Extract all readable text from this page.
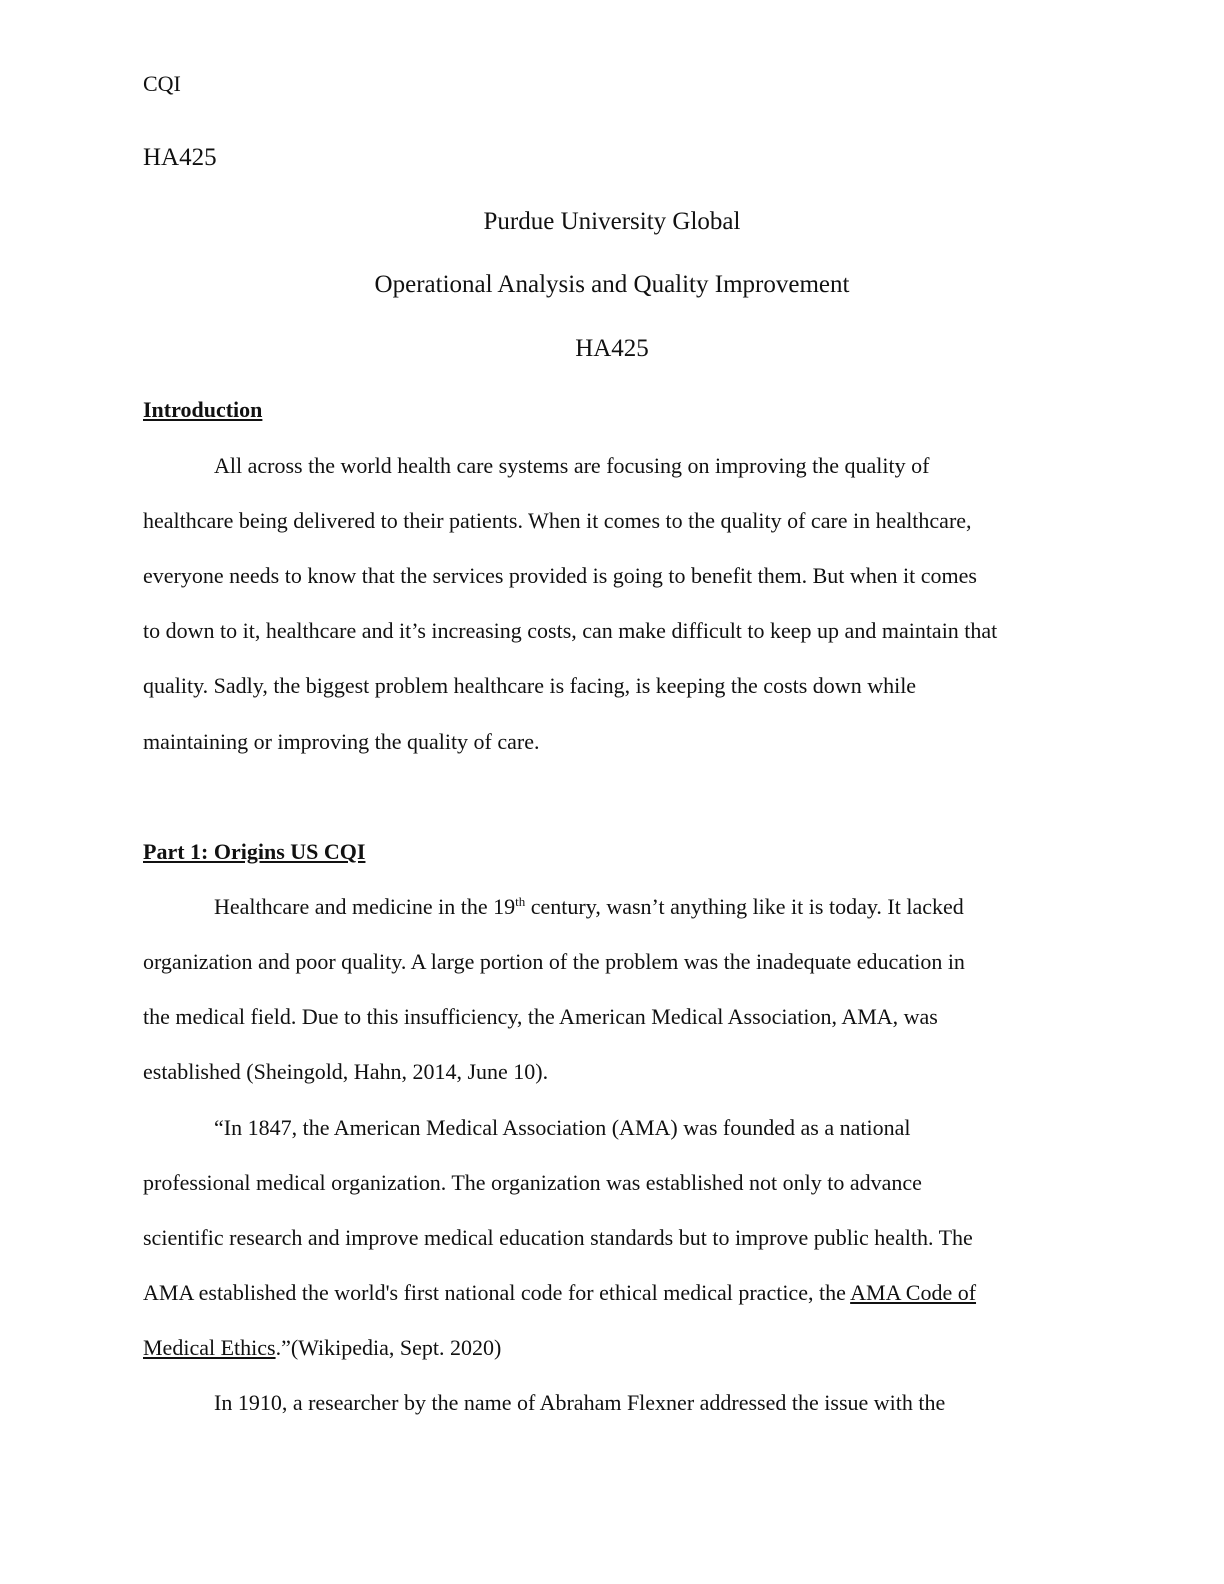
CQI
HA425
Purdue University Global
Operational Analysis and Quality Improvement
HA425
Introduction
All across the world health care systems are focusing on improving the quality of
healthcare being delivered to their patients. When it comes to the quality of care in healthcare,
everyone needs to know that the services provided is going to benefit them. But when it comes
to down to it, healthcare and it’s increasing costs, can make difficult to keep up and maintain that
quality. Sadly, the biggest problem healthcare is facing, is keeping the costs down while
maintaining or improving the quality of care.
Part 1: Origins US CQI
Healthcare and medicine in the 19th century, wasn’t anything like it is today. It lacked
organization and poor quality. A large portion of the problem was the inadequate education in
the medical field. Due to this insufficiency, the American Medical Association, AMA, was
established (Sheingold, Hahn, 2014, June 10).
“In 1847, the American Medical Association (AMA) was founded as a national
professional medical organization. The organization was established not only to advance
scientific research and improve medical education standards but to improve public health. The
AMA established the world's first national code for ethical medical practice, the AMA Code of
Medical Ethics.”(Wikipedia, Sept. 2020)
In 1910, a researcher by the name of Abraham Flexner addressed the issue with the
